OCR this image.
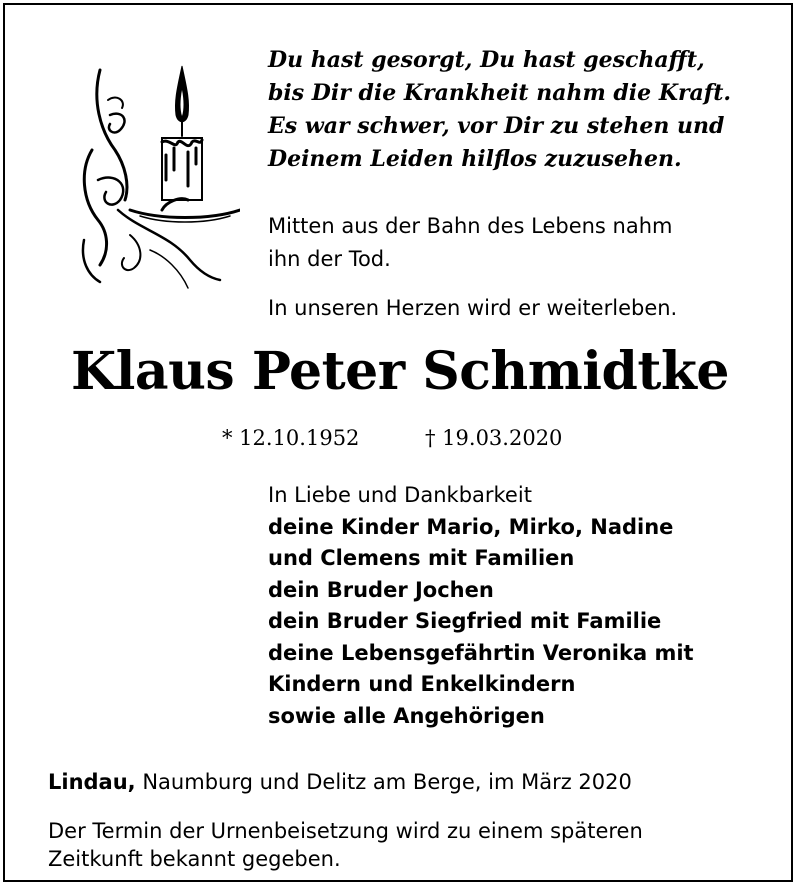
Du hast gesorgt, Du hast geschafft,
bis Dir die Krankheit nahm die Kraft.
Es war schwer, vor Dir zu stehen und
Deinem Leiden hilflos zuzusehen.
Mitten aus der Bahn des Lebens nahm
ihn der Tod.
In unseren Herzen wird er weiterleben.
Klaus Peter Schmidtke
* 12.10.1952	† 19.03.2020
In Liebe und Dankbarkeit
deine Kinder Mario, Mirko, Nadine
und Clemens mit Familien
dein Bruder Jochen
dein Bruder Siegfried mit Familie
deine Lebensgefährtin Veronika mit
Kindern und Enkelkindern
sowie alle Angehörigen
Lindau, Naumburg und Delitz am Berge, im März 2020
Der Termin der Urnenbeisetzung wird zu einem späteren
Zeitkunft bekannt gegeben.
